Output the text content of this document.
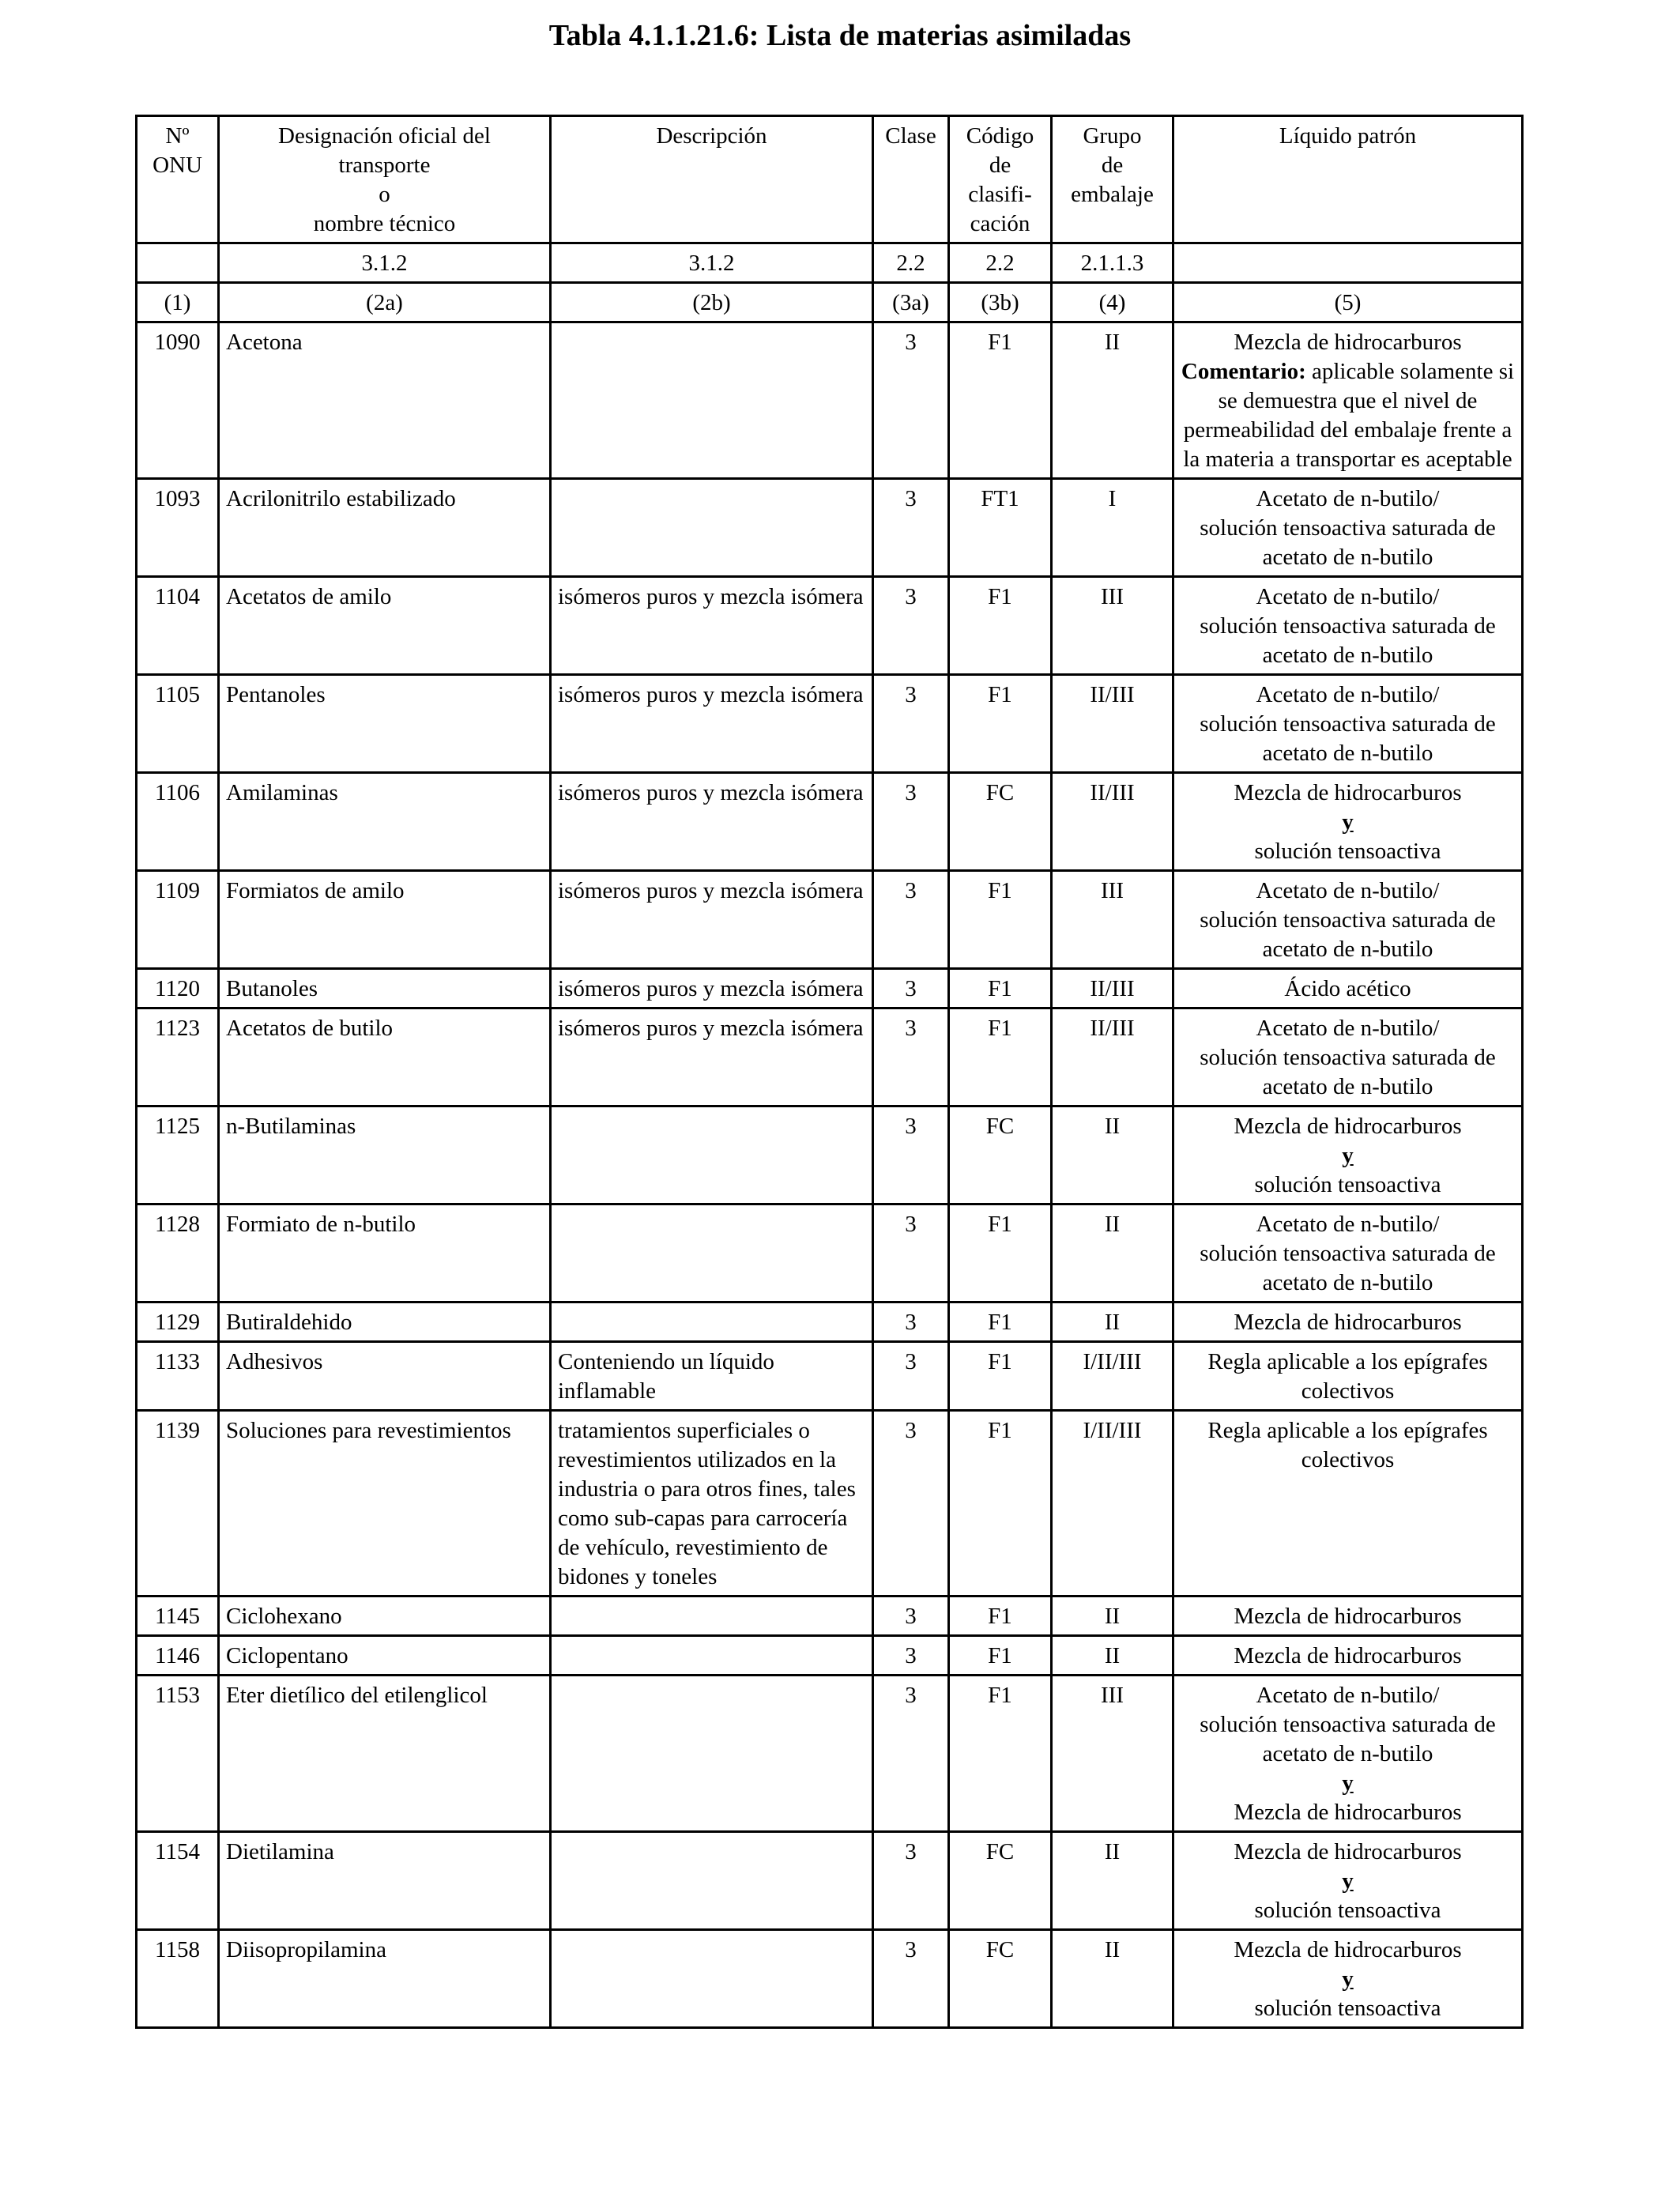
Tabla 4.1.1.21.6: Lista de materias asimiladas
Nº
ONU	Designación oficial del
transporte
o
nombre técnico	Descripción	Clase	Código
de
clasifi-
cación	Grupo
de
embalaje	Líquido patrón
	3.1.2	3.1.2	2.2	2.2	2.1.1.3	
(1)	(2a)	(2b)	(3a)	(3b)	(4)	(5)
1090	Acetona		3	F1	II	Mezcla de hidrocarburos
Comentario: aplicable solamente si se demuestra que el nivel de permeabilidad del embalaje frente a la materia a transportar es aceptable

1093	Acrilonitrilo estabilizado		3	FT1	I	Acetato de n-butilo/
solución tensoactiva saturada de
acetato de n-butilo

1104	Acetatos de amilo	isómeros puros y mezcla isómera	3	F1	III	Acetato de n-butilo/
solución tensoactiva saturada de
acetato de n-butilo

1105	Pentanoles	isómeros puros y mezcla isómera	3	F1	II/III	Acetato de n-butilo/
solución tensoactiva saturada de
acetato de n-butilo

1106	Amilaminas	isómeros puros y mezcla isómera	3	FC	II/III	Mezcla de hidrocarburos
y
solución tensoactiva

1109	Formiatos de amilo	isómeros puros y mezcla isómera	3	F1	III	Acetato de n-butilo/
solución tensoactiva saturada de
acetato de n-butilo

1120	Butanoles	isómeros puros y mezcla isómera	3	F1	II/III	Ácido acético

1123	Acetatos de butilo	isómeros puros y mezcla isómera	3	F1	II/III	Acetato de n-butilo/
solución tensoactiva saturada de
acetato de n-butilo

1125	n-Butilaminas		3	FC	II	Mezcla de hidrocarburos
y
solución tensoactiva

1128	Formiato de n-butilo		3	F1	II	Acetato de n-butilo/
solución tensoactiva saturada de
acetato de n-butilo

1129	Butiraldehido		3	F1	II	Mezcla de hidrocarburos

1133	Adhesivos	Conteniendo un líquido inflamable	3	F1	I/II/III	Regla aplicable a los epígrafes
colectivos

1139	Soluciones para revestimientos	tratamientos superficiales o revestimientos utilizados en la industria o para otros fines, tales como sub-capas para carrocería de vehículo, revestimiento de bidones y toneles	3	F1	I/II/III	Regla aplicable a los epígrafes
colectivos

1145	Ciclohexano		3	F1	II	Mezcla de hidrocarburos

1146	Ciclopentano		3	F1	II	Mezcla de hidrocarburos

1153	Eter dietílico del etilenglicol		3	F1	III	Acetato de n-butilo/
solución tensoactiva saturada de
acetato de n-butilo
y
Mezcla de hidrocarburos

1154	Dietilamina		3	FC	II	Mezcla de hidrocarburos
y
solución tensoactiva

1158	Diisopropilamina		3	FC	II	Mezcla de hidrocarburos
y
solución tensoactiva
